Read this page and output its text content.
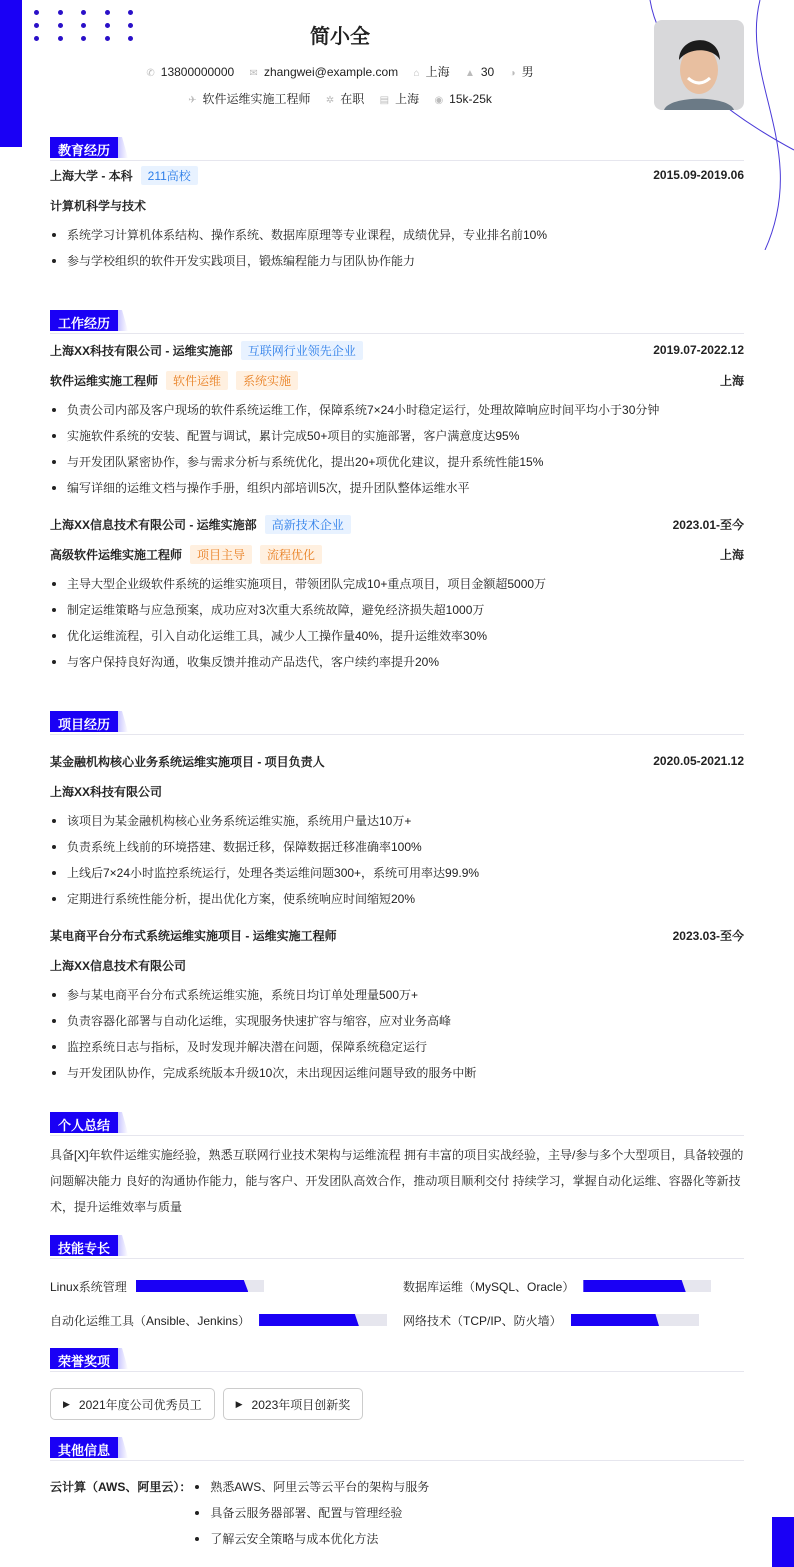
简小全
✆ 13800000000 ✉ zhangwei@example.com ⌂ 上海 ▲ 30 ◑ 男
✈ 软件运维实施工程师 ✲ 在职 ▤ 上海 ◉ 15k-25k
教育经历
上海大学 - 本科 211高校	2015.09-2019.06
计算机科学与技术
系统学习计算机体系结构、操作系统、数据库原理等专业课程，成绩优异，专业排名前10%
参与学校组织的软件开发实践项目，锻炼编程能力与团队协作能力
工作经历
上海XX科技有限公司 - 运维实施部 互联网行业领先企业	2019.07-2022.12
软件运维实施工程师 软件运维 系统实施	上海
负责公司内部及客户现场的软件系统运维工作，保障系统7×24小时稳定运行，处理故障响应时间平均小于30分钟
实施软件系统的安装、配置与调试，累计完成50+项目的实施部署，客户满意度达95%
与开发团队紧密协作，参与需求分析与系统优化，提出20+项优化建议，提升系统性能15%
编写详细的运维文档与操作手册，组织内部培训5次，提升团队整体运维水平
上海XX信息技术有限公司 - 运维实施部 高新技术企业	2023.01-至今
高级软件运维实施工程师 项目主导 流程优化	上海
主导大型企业级软件系统的运维实施项目，带领团队完成10+重点项目，项目金额超5000万
制定运维策略与应急预案，成功应对3次重大系统故障，避免经济损失超1000万
优化运维流程，引入自动化运维工具，减少人工操作量40%，提升运维效率30%
与客户保持良好沟通，收集反馈并推动产品迭代，客户续约率提升20%
项目经历
某金融机构核心业务系统运维实施项目 - 项目负责人	2020.05-2021.12
上海XX科技有限公司
该项目为某金融机构核心业务系统运维实施，系统用户量达10万+
负责系统上线前的环境搭建、数据迁移，保障数据迁移准确率100%
上线后7×24小时监控系统运行，处理各类运维问题300+，系统可用率达99.9%
定期进行系统性能分析，提出优化方案，使系统响应时间缩短20%
某电商平台分布式系统运维实施项目 - 运维实施工程师	2023.03-至今
上海XX信息技术有限公司
参与某电商平台分布式系统运维实施，系统日均订单处理量500万+
负责容器化部署与自动化运维，实现服务快速扩容与缩容，应对业务高峰
监控系统日志与指标，及时发现并解决潜在问题，保障系统稳定运行
与开发团队协作，完成系统版本升级10次，未出现因运维问题导致的服务中断
个人总结
具备[X]年软件运维实施经验，熟悉互联网行业技术架构与运维流程 拥有丰富的项目实战经验，主导/参与多个大型项目，具备较强的问题解决能力 良好的沟通协作能力，能与客户、开发团队高效合作，推动项目顺利交付 持续学习，掌握自动化运维、容器化等新技术，提升运维效率与质量
技能专长
Linux系统管理	数据库运维（MySQL、Oracle）
自动化运维工具（Ansible、Jenkins）	网络技术（TCP/IP、防火墙）
荣誉奖项
▶ 2021年度公司优秀员工	▶ 2023年项目创新奖
其他信息
云计算（AWS、阿里云）：	熟悉AWS、阿里云等云平台的架构与服务
具备云服务器部署、配置与管理经验
了解云安全策略与成本优化方法
